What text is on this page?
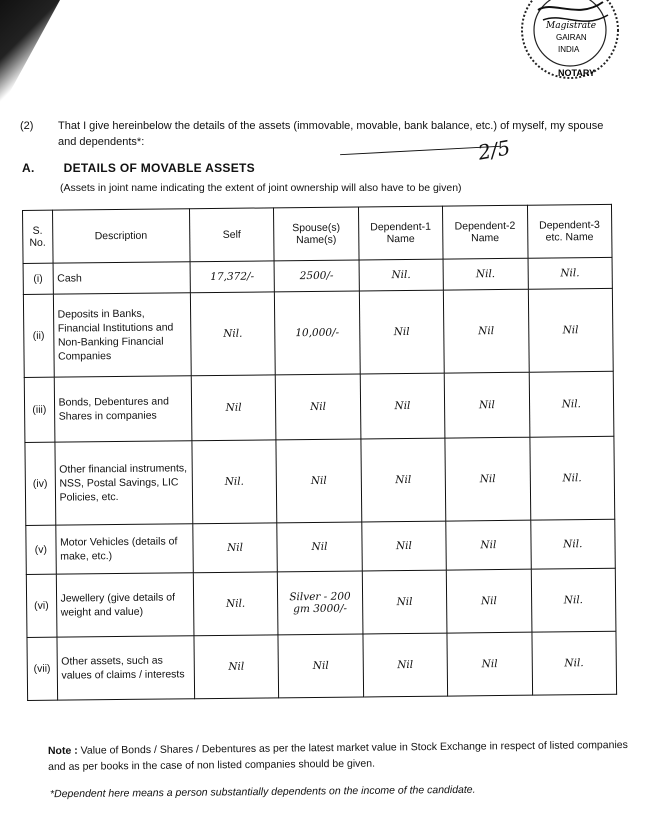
Magistrate
GAIRAN
INDIA
NOTARY
(2) That I give hereinbelow the details of the assets (immovable, movable, bank balance, etc.) of myself, my spouse and dependents*:	2/5
A. DETAILS OF MOVABLE ASSETS
(Assets in joint name indicating the extent of joint ownership will also have to be given)
S. No.	Description	Self	Spouse(s) Name(s)	Dependent-1 Name	Dependent-2 Name	Dependent-3 etc. Name
(i)	Cash	17,372/-	2500/-	Nil.	Nil.	Nil.
(ii)	Deposits in Banks, Financial Institutions and Non-Banking Financial Companies	Nil.	10,000/-	Nil	Nil	Nil
(iii)	Bonds, Debentures and Shares in companies	Nil	Nil	Nil	Nil	Nil.
(iv)	Other financial instruments, NSS, Postal Savings, LIC Policies, etc.	Nil.	Nil	Nil	Nil	Nil.
(v)	Motor Vehicles (details of make, etc.)	Nil	Nil	Nil	Nil	Nil.
(vi)	Jewellery (give details of weight and value)	Nil.	Silver - 200 gm 3000/-	Nil	Nil	Nil.
(vii)	Other assets, such as values of claims / interests	Nil	Nil	Nil	Nil	Nil.
Note : Value of Bonds / Shares / Debentures as per the latest market value in Stock Exchange in respect of listed companies and as per books in the case of non listed companies should be given.
*Dependent here means a person substantially dependents on the income of the candidate.
